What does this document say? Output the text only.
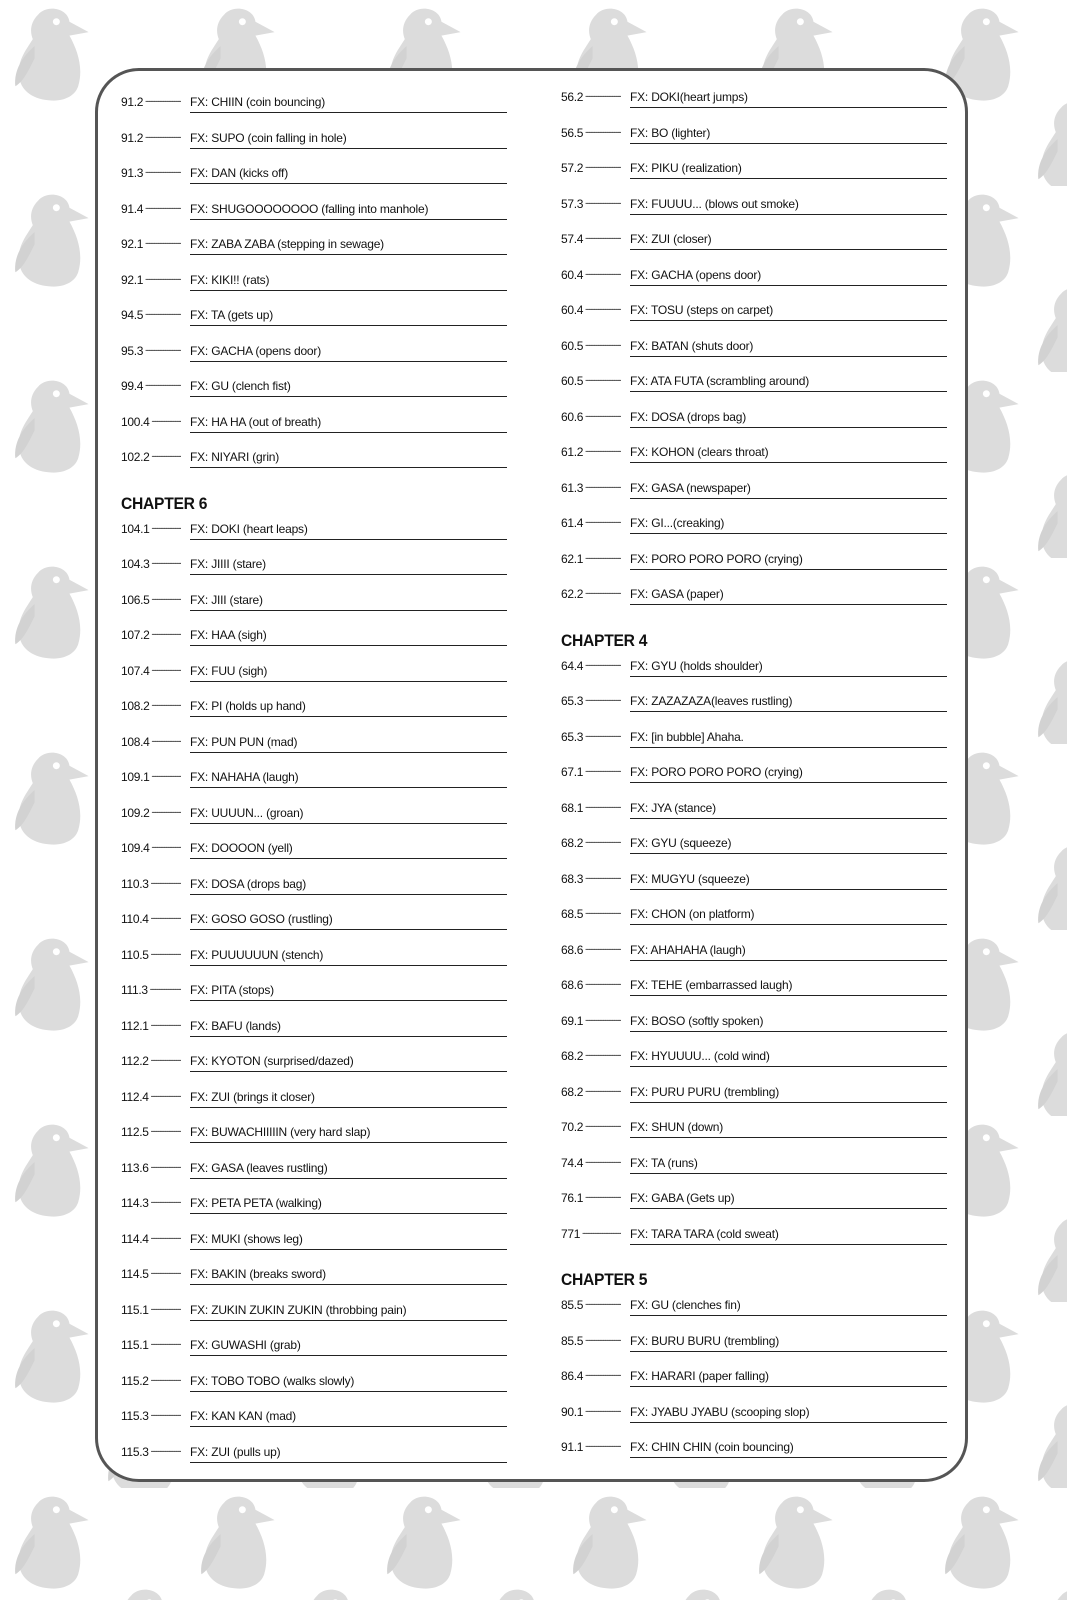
91.2 -----	FX: CHIIN (coin bouncing)
91.2 -----	FX: SUPO (coin falling in hole)
91.3 -----	FX: DAN (kicks off)
91.4 -----	FX: SHUGOOOOOOOO (falling into manhole)
92.1 -----	FX: ZABA ZABA (stepping in sewage)
92.1 -----	FX: KIKI!! (rats)
94.5 -----	FX: TA (gets up)
95.3 -----	FX: GACHA (opens door)
99.4 -----	FX: GU (clench fist)
100.4 -----	FX: HA HA (out of breath)
102.2 -----	FX: NIYARI (grin)
CHAPTER 6
104.1 -----	FX: DOKI (heart leaps)
104.3 -----	FX: JIIII (stare)
106.5 -----	FX: JIII (stare)
107.2 -----	FX: HAA (sigh)
107.4 -----	FX: FUU (sigh)
108.2 -----	FX: PI (holds up hand)
108.4 -----	FX: PUN PUN (mad)
109.1 -----	FX: NAHAHA (laugh)
109.2 -----	FX: UUUUN... (groan)
109.4 -----	FX: DOOOON (yell)
110.3 -----	FX: DOSA (drops bag)
110.4 -----	FX: GOSO GOSO (rustling)
110.5 -----	FX: PUUUUUUN (stench)
111.3 -----	FX: PITA (stops)
112.1 -----	FX: BAFU (lands)
112.2 -----	FX: KYOTON (surprised/dazed)
112.4 -----	FX: ZUI (brings it closer)
112.5 -----	FX: BUWACHIIIIIN (very hard slap)
113.6 -----	FX: GASA (leaves rustling)
114.3 -----	FX: PETA PETA (walking)
114.4 -----	FX: MUKI (shows leg)
114.5 -----	FX: BAKIN (breaks sword)
115.1 -----	FX: ZUKIN ZUKIN ZUKIN (throbbing pain)
115.1 -----	FX: GUWASHI (grab)
115.2 -----	FX: TOBO TOBO (walks slowly)
115.3 -----	FX: KAN KAN (mad)
115.3 -----	FX: ZUI (pulls up)
56.2 -----	FX: DOKI(heart jumps)
56.5 -----	FX: BO (lighter)
57.2 -----	FX: PIKU (realization)
57.3 -----	FX: FUUUU... (blows out smoke)
57.4 -----	FX: ZUI (closer)
60.4 -----	FX: GACHA (opens door)
60.4 -----	FX: TOSU (steps on carpet)
60.5 -----	FX: BATAN (shuts door)
60.5 -----	FX: ATA FUTA (scrambling around)
60.6 -----	FX: DOSA (drops bag)
61.2 -----	FX: KOHON (clears throat)
61.3 -----	FX: GASA (newspaper)
61.4 -----	FX: GI...(creaking)
62.1 -----	FX: PORO PORO PORO (crying)
62.2 -----	FX: GASA (paper)
CHAPTER 4
64.4 -----	FX: GYU (holds shoulder)
65.3 -----	FX: ZAZAZAZA(leaves rustling)
65.3 -----	FX: [in bubble] Ahaha.
67.1 -----	FX: PORO PORO PORO (crying)
68.1 -----	FX: JYA (stance)
68.2 -----	FX: GYU (squeeze)
68.3 -----	FX: MUGYU (squeeze)
68.5 -----	FX: CHON (on platform)
68.6 -----	FX: AHAHAHA (laugh)
68.6 -----	FX: TEHE (embarrassed laugh)
69.1 -----	FX: BOSO (softly spoken)
68.2 -----	FX: HYUUUU... (cold wind)
68.2 -----	FX: PURU PURU (trembling)
70.2 -----	FX: SHUN (down)
74.4 -----	FX: TA (runs)
76.1 -----	FX: GABA (Gets up)
771 -----	FX: TARA TARA (cold sweat)
CHAPTER 5
85.5 -----	FX: GU (clenches fin)
85.5 -----	FX: BURU BURU (trembling)
86.4 -----	FX: HARARI (paper falling)
90.1 -----	FX: JYABU JYABU (scooping slop)
91.1 -----	FX: CHIN CHIN (coin bouncing)
